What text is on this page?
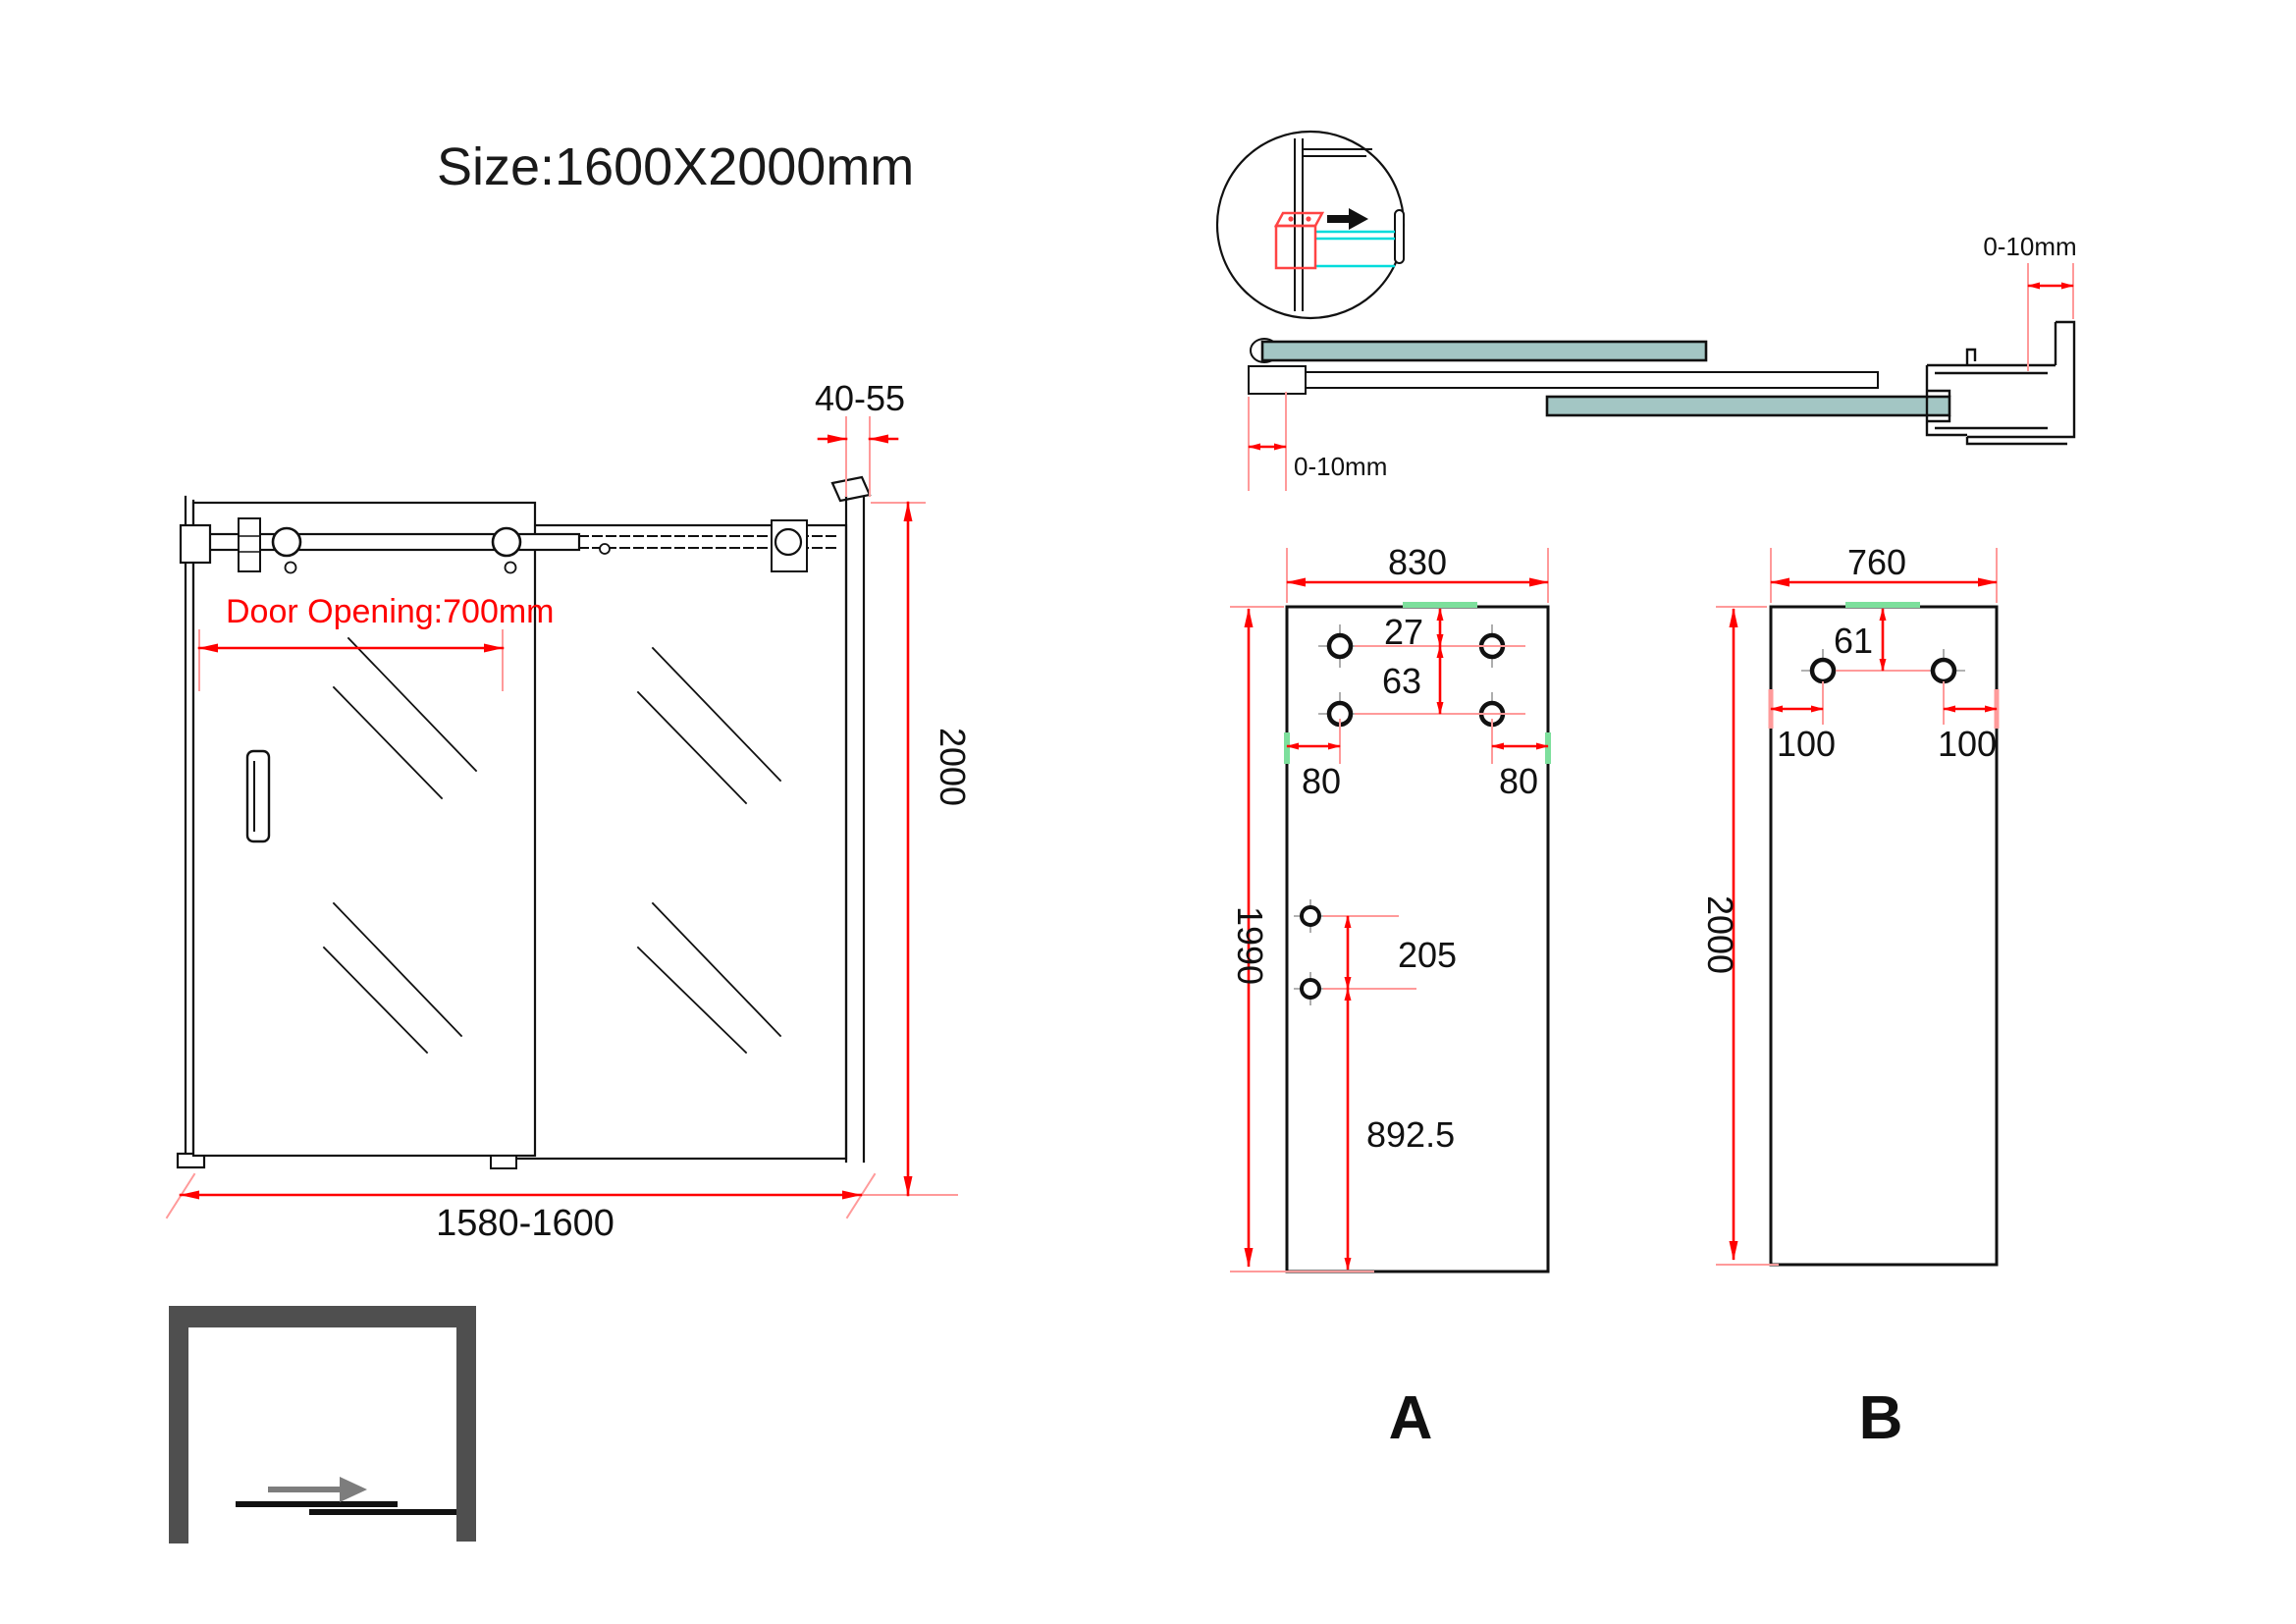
Size:1600X2000mm
Door Opening:700mm
40-55
2000
1580-1600
0-10mm
0-10mm
830
27
63
80	80
1990	205
892.5
A
760
61
100	100
2000
B
